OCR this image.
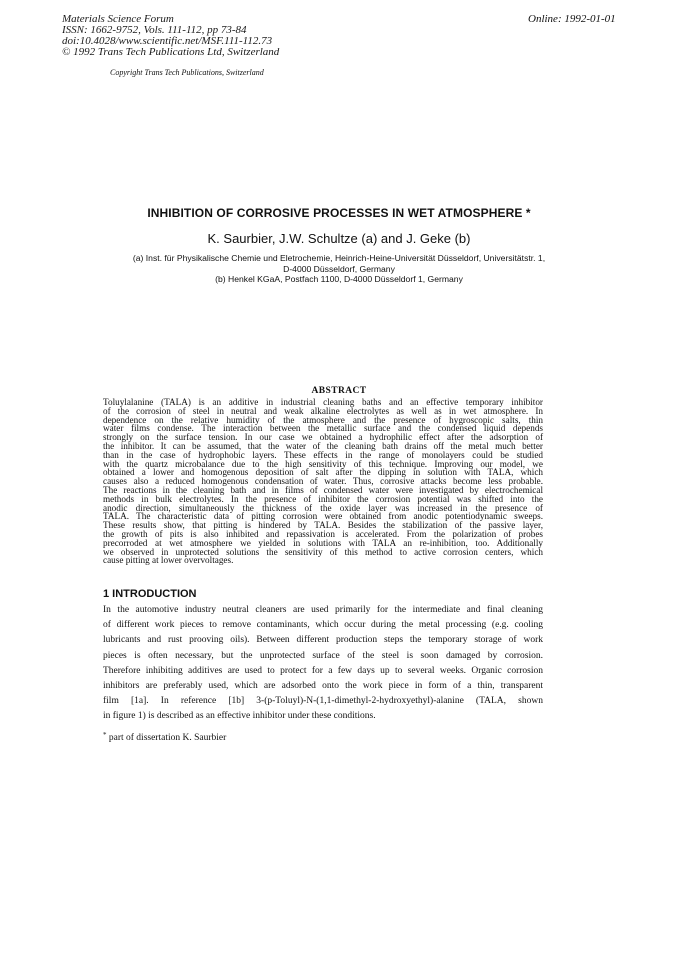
Materials Science Forum
ISSN: 1662-9752, Vols. 111-112, pp 73-84
doi:10.4028/www.scientific.net/MSF.111-112.73
© 1992 Trans Tech Publications Ltd, Switzerland
Online: 1992-01-01
Copyright Trans Tech Publications, Switzerland
INHIBITION OF CORROSIVE PROCESSES IN WET ATMOSPHERE *
K. Saurbier, J.W. Schultze (a) and J. Geke (b)
(a) Inst. für Physikalische Chemie und Eletrochemie, Heinrich-Heine-Universität Düsseldorf, Universitätstr. 1,
D-4000 Düsseldorf, Germany
(b) Henkel KGaA, Postfach 1100, D-4000 Düsseldorf 1, Germany
ABSTRACT
Toluylalanine (TALA) is an additive in industrial cleaning baths and an effective temporary inhibitor
of the corrosion of steel in neutral and weak alkaline electrolytes as well as in wet atmosphere. In
dependence on the relative humidity of the atmosphere and the presence of hygroscopic salts, thin
water films condense. The interaction between the metallic surface and the condensed liquid depends
strongly on the surface tension. In our case we obtained a hydrophilic effect after the adsorption of
the inhibitor. It can be assumed, that the water of the cleaning bath drains off the metal much better
than in the case of hydrophobic layers. These effects in the range of monolayers could be studied
with the quartz microbalance due to the high sensitivity of this technique. Improving our model, we
obtained a lower and homogenous deposition of salt after the dipping in solution with TALA, which
causes also a reduced homogenous condensation of water. Thus, corrosive attacks become less probable.
The reactions in the cleaning bath and in films of condensed water were investigated by electrochemical
methods in bulk electrolytes. In the presence of inhibitor the corrosion potential was shifted into the
anodic direction, simultaneously the thickness of the oxide layer was increased in the presence of
TALA. The characteristic data of pitting corrosion were obtained from anodic potentiodynamic sweeps.
These results show, that pitting is hindered by TALA. Besides the stabilization of the passive layer,
the growth of pits is also inhibited and repassivation is accelerated. From the polarization of probes
precorroded at wet atmosphere we yielded in solutions with TALA an re-inhibition, too. Additionally
we observed in unprotected solutions the sensitivity of this method to active corrosion centers, which
cause pitting at lower overvoltages.
1 INTRODUCTION
In the automotive industry neutral cleaners are used primarily for the intermediate and final cleaning
of different work pieces to remove contaminants, which occur during the metal processing (e.g. cooling
lubricants and rust prooving oils). Between different production steps the temporary storage of work
pieces is often necessary, but the unprotected surface of the steel is soon damaged by corrosion.
Therefore inhibiting additives are used to protect for a few days up to several weeks. Organic corrosion
inhibitors are preferably used, which are adsorbed onto the work piece in form of a thin, transparent
film [1a]. In reference [1b] 3-(p-Toluyl)-N-(1,1-dimethyl-2-hydroxyethyl)-alanine (TALA, shown
in figure 1) is described as an effective inhibitor under these conditions.
* part of dissertation K. Saurbier
